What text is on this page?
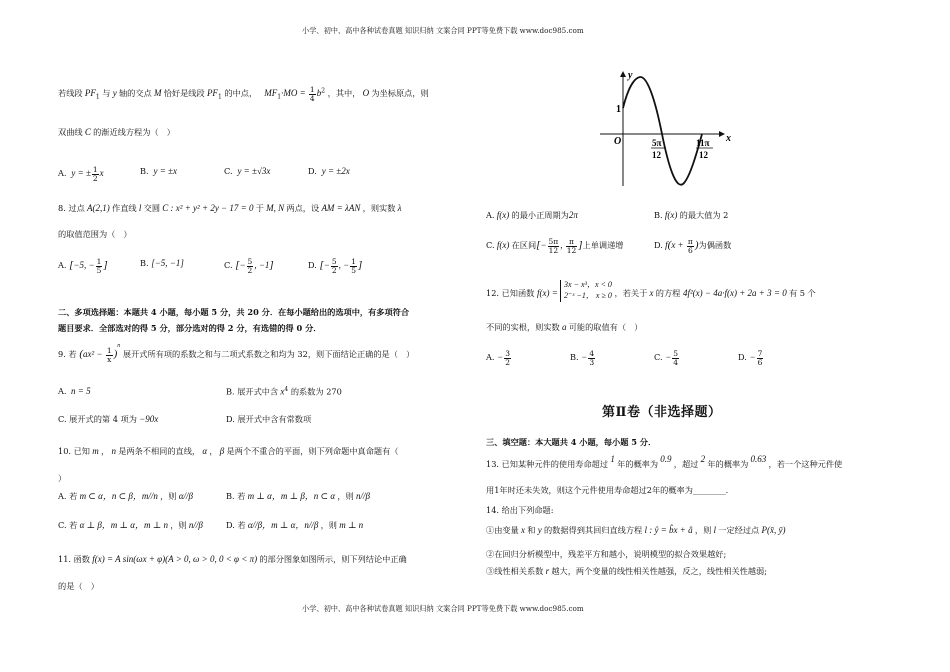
小学、初中、高中各种试卷真题 知识归纳 文案合同 PPT等免费下载 www.doc985.com
小学、初中、高中各种试卷真题 知识归纳 文案合同 PPT等免费下载 www.doc985.com
若线段 $PF_1$ 与 y 轴的交点 M 恰好是线段 $PF_1$ 的中点，   $MF_1\cdot MO = \frac{1}{4} b^2$ ，其中， O 为坐标原点，则
双曲线 C 的渐近线方程为（　）
A.  y = ± $\frac{1}{2}$ x	B.  y = ±x	C.  y = ±√3x	D.  y = ±2x
8. 过点 A(2,1) 作直线 l 交圆 C : x² + y² + 2y − 17 = 0 于 M, N 两点，设 AM = λAN ，则实数 λ
的取值范围为（　）
A. [−5, − $\frac{1}{5}$ ]	B. [−5, −1]	C. [− $\frac{5}{2}$ , −1]	D. [− $\frac{5}{2}$ , − $\frac{1}{5}$ ]
二、多项选择题：本题共 4 小题，每小题 5 分，共 20 分．在每小题给出的选项中，有多项符合
题目要求．全部选对的得 5 分，部分选对的得 2 分，有选错的得 0 分．
9. 若 $(ax^2 - \frac{1}{x} )^n$ 展开式所有项的系数之和与二项式系数之和均为 32，则下面结论正确的是（　）
A.  n = 5	B. 展开式中含 $x^4$ 的系数为 270
C. 展开式的第 4 项为 −90x	D. 展开式中含有常数项
10. 已知 m ， n 是两条不相同的直线， α ， β 是两个不重合的平面，则下列命题中真命题有（
）
A. 若 m ⊂ α，n ⊂ β，m//n ，则 α//β	B. 若 m ⊥ α，m ⊥ β，n ⊂ α ，则 n//β
C. 若 α ⊥ β，m ⊥ α，m ⊥ n ，则 n//β	D. 若 α//β，m ⊥ α，n//β ，则 m ⊥ n
11. 函数 f(x) = A sin(ωx + φ)(A > 0, ω > 0, 0 < φ < π) 的部分图象如图所示，则下列结论中正确
的是（　）
y
x
O
1
5π
12
11π
12
A. f(x) 的最小正周期为2π	B. f(x) 的最大值为 2
C. f(x) 在区间[− $\frac{5\pi}{12}$ , $\frac{\pi}{12}$ ]上单调递增	D. $f(x + \frac{\pi}{6}$ )为偶函数
12. 已知函数 f(x) =
3x − x³，x < 0
2⁻ˣ −1， x ≥ 0 ，若关于 x 的方程 4f²(x) − 4a·f(x) + 2a + 3 = 0 有 5 个
不同的实根，则实数 a 可能的取值有（　）
A. − $\frac{3}{2}$	B. − $\frac{4}{3}$	C. − $\frac{5}{4}$	D. − $\frac{7}{6}$
第Ⅱ卷（非选择题）
三、填空题：本大题共 4 小题，每小题 5 分．
13. 已知某种元件的使用寿命超过 1 年的概率为 0.9 ，超过 2 年的概率为 0.63 ，若一个这种元件使
用1年时还未失效，则这个元件使用寿命超过2年的概率为________.
14. 给出下列命题:
①由变量 x 和 y 的数据得到其回归直线方程 l : ŷ = b̂x + â ，则 l 一定经过点 P(x̄, ȳ)
②在回归分析模型中，残差平方和越小，说明模型的拟合效果越好;
③线性相关系数 r 越大，两个变量的线性相关性越强，反之，线性相关性越弱;
